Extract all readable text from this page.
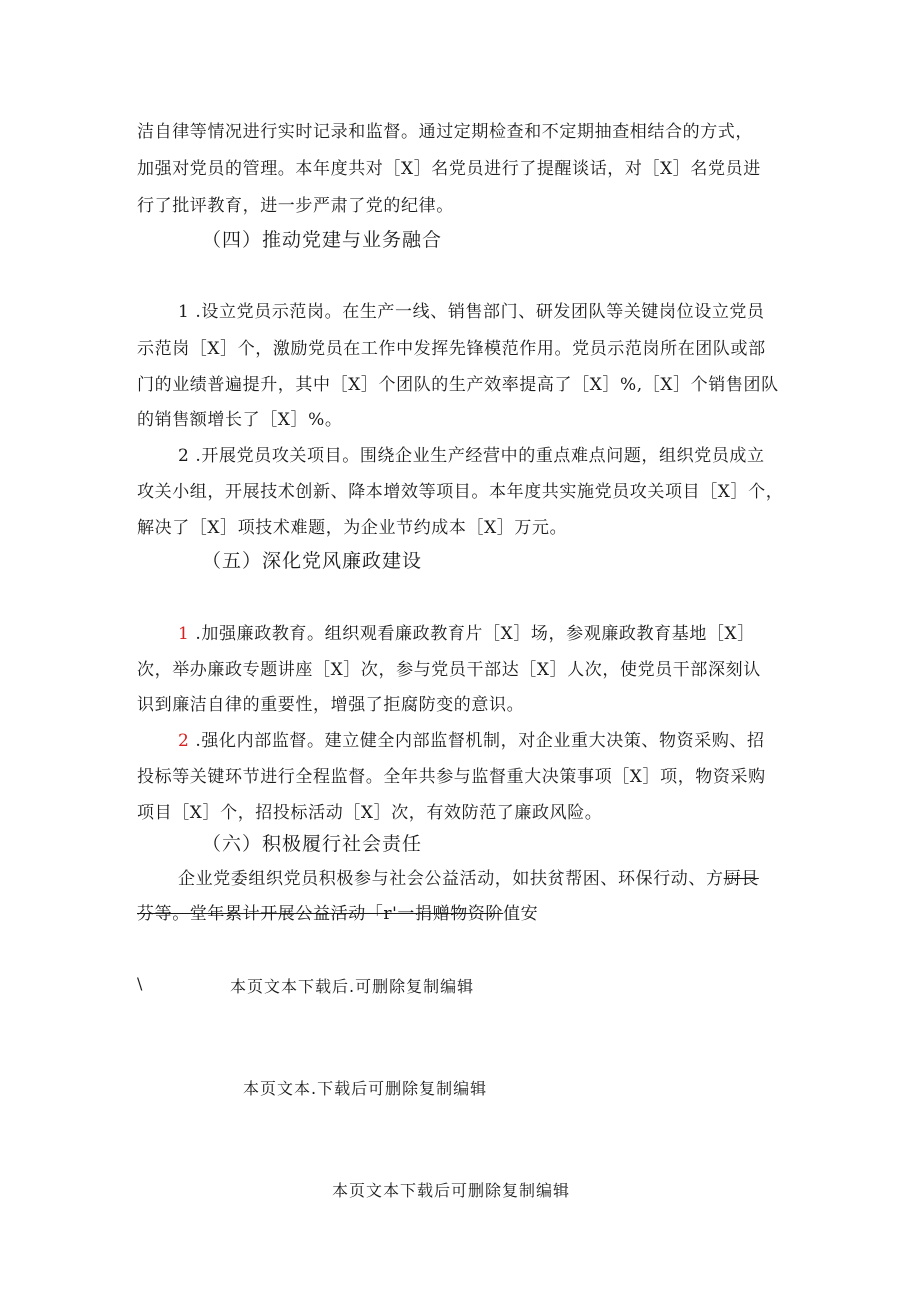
洁自律等情况进行实时记录和监督。通过定期检查和不定期抽查相结合的方式，
加强对党员的管理。本年度共对［X］名党员进行了提醒谈话，对［X］名党员进
行了批评教育，进一步严肃了党的纪律。
（四）推动党建与业务融合
1 .设立党员示范岗。在生产一线、销售部门、研发团队等关键岗位设立党员
示范岗［X］个，激励党员在工作中发挥先锋模范作用。党员示范岗所在团队或部
门的业绩普遍提升，其中［X］个团队的生产效率提高了［X］%,［X］个销售团队
的销售额增长了［X］%。
2 .开展党员攻关项目。围绕企业生产经营中的重点难点问题，组织党员成立
攻关小组，开展技术创新、降本增效等项目。本年度共实施党员攻关项目［X］个，
解决了［X］项技术难题，为企业节约成本［X］万元。
（五）深化党风廉政建设
1 .加强廉政教育。组织观看廉政教育片［X］场，参观廉政教育基地［X］
次，举办廉政专题讲座［X］次，参与党员干部达［X］人次，使党员干部深刻认
识到廉洁自律的重要性，增强了拒腐防变的意识。
2 .强化内部监督。建立健全内部监督机制，对企业重大决策、物资采购、招
投标等关键环节进行全程监督。全年共参与监督重大决策事项［X］项，物资采购
项目［X］个，招投标活动［X］次，有效防范了廉政风险。
（六）积极履行社会责任
企业党委组织党员积极参与社会公益活动，如扶贫帮困、环保行动、方厨艮
芬等。堂年累计开展公益活动「r'一捐赠物资阶值安
\	本页文本下载后.可删除复制编辑
本页文本.下载后可删除复制编辑
本页文本下载后可删除复制编辑
